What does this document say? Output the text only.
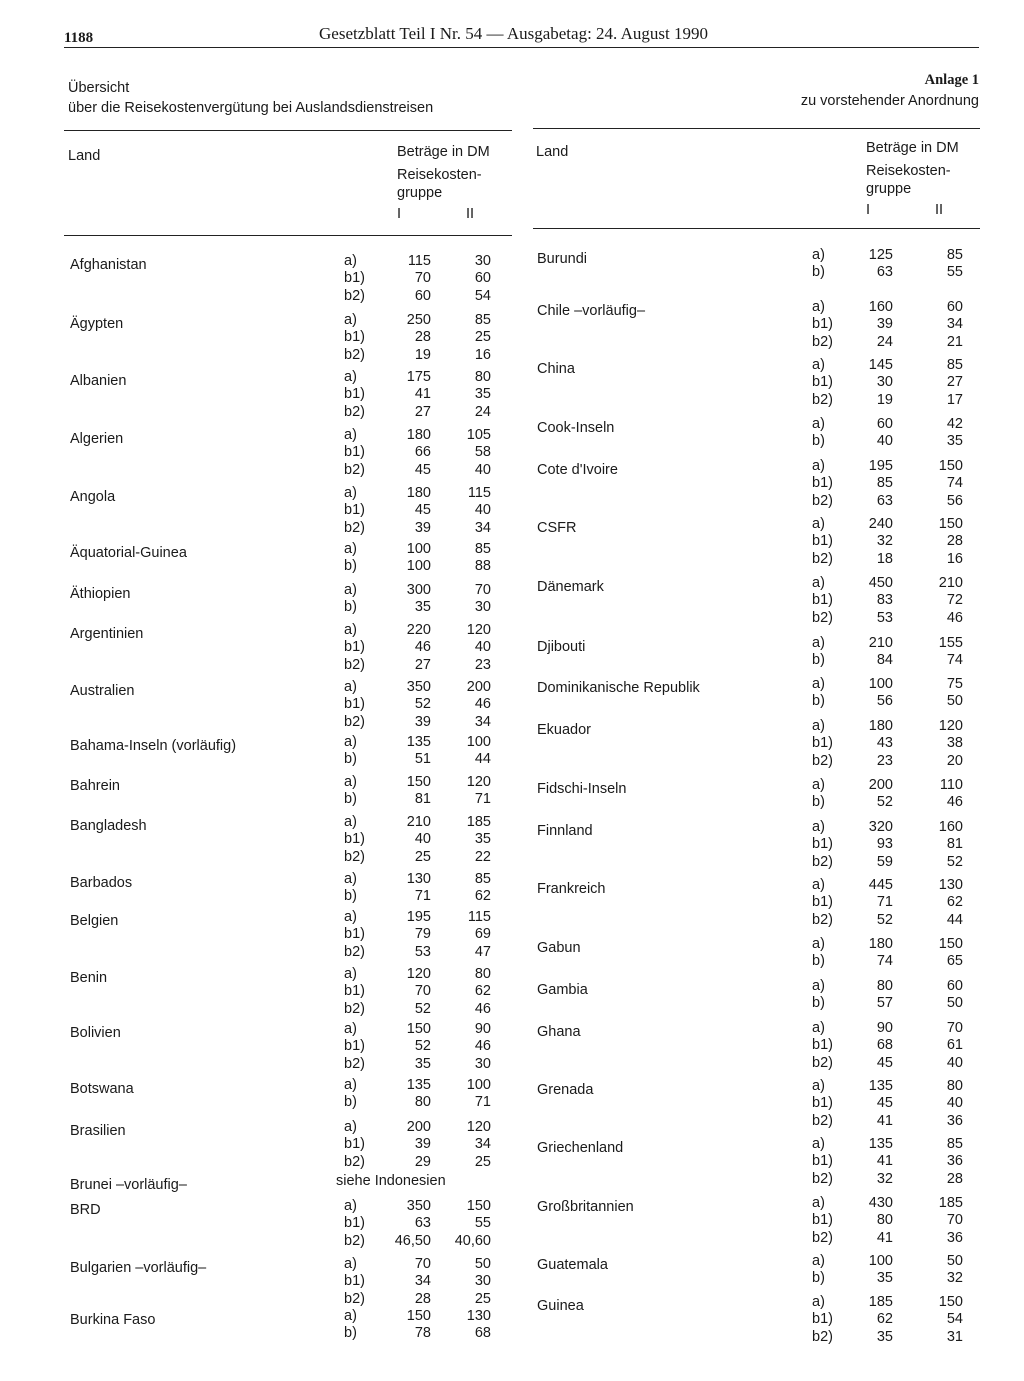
1188	Gesetzblatt Teil I Nr. 54 — Ausgabetag: 24. August 1990
Übersicht
über die Reisekostenvergütung bei Auslandsdienstreisen
Anlage 1
zu vorstehender Anordnung
Land	Beträge in DM
Reisekosten-
gruppe
I	II
Afghanistan	a)	115	30
b1)	70	60
b2)	60	54
Ägypten	a)	250	85
b1)	28	25
b2)	19	16
Albanien	a)	175	80
b1)	41	35
b2)	27	24
Algerien	a)	180 105
b1)	66	58
b2)	45	40
Angola	a)	180	115
b1)	45	40
b2)	39	34
Äquatorial-Guinea	a)	100	85
b)	100	88
Äthiopien	a)	300	70
b)	35	30
Argentinien	a)	220 120
b1)	46	40
b2)	27	23
Australien	a)	350 200
b1)	52	46
b2)	39	34
Bahama-Inseln (vorläufig)	a)	135 100
b)	51	44
Bahrein	a)	150 120
b)	81	71
Bangladesh	a)	210 185
b1)	40	35
b2)	25	22
Barbados	a)	130	85
b)	71	62
Belgien	a)	195	115
b1)	79	69
b2)	53	47
Benin	a)	120	80
b1)	70	62
b2)	52	46
Bolivien	a)	150	90
b1)	52	46
b2)	35	30
Botswana	a)	135 100
b)	80	71
Brasilien	a)	200 120
b1)	39	34
b2)	29	25
Brunei –vorläufig–	siehe Indonesien
BRD	a)	350 150
b1)	63	55
b2) 46,50 40,60
Bulgarien –vorläufig–	a)	70	50
b1)	34	30
b2)	28	25
Burkina Faso	a)	150 130
b)	78	68
Land	Beträge in DM
Reisekosten-
gruppe
I	II
Burundi	a)	125	85
b)	63	55
Chile –vorläufig–	a)	160	60
b1)	39	34
b2)	24	21
China	a)	145	85
b1)	30	27
b2)	19	17
Cook-Inseln	a)	60	42
b)	40	35
Cote d'Ivoire	a)	195	150
b1)	85	74
b2)	63	56
CSFR	a)	240	150
b1)	32	28
b2)	18	16
Dänemark	a)	450	210
b1)	83	72
b2)	53	46
Djibouti	a)	210	155
b)	84	74
Dominikanische Republik	a)	100	75
b)	56	50
Ekuador	a)	180	120
b1)	43	38
b2)	23	20
Fidschi-Inseln	a)	200	110
b)	52	46
Finnland	a)	320	160
b1)	93	81
b2)	59	52
Frankreich	a)	445	130
b1)	71	62
b2)	52	44
Gabun	a)	180	150
b)	74	65
Gambia	a)	80	60
b)	57	50
Ghana	a)	90	70
b1)	68	61
b2)	45	40
Grenada	a)	135	80
b1)	45	40
b2)	41	36
Griechenland	a)	135	85
b1)	41	36
b2)	32	28
Großbritannien	a)	430	185
b1)	80	70
b2)	41	36
Guatemala	a)	100	50
b)	35	32
Guinea	a)	185	150
b1)	62	54
b2)	35	31
